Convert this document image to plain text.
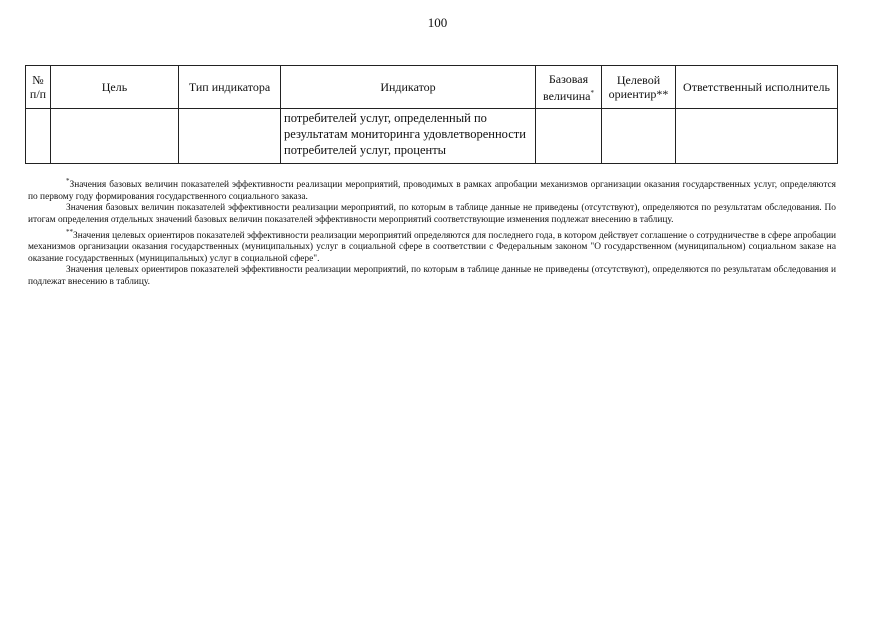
100
№ п/п	Цель	Тип индикатора	Индикатор	Базовая величина*	Целевой ориентир**	Ответственный исполнитель
			потребителей услуг, определенный по результатам мониторинга удовлетворенности потребителей услуг, проценты			

*Значения базовых величин показателей эффективности реализации мероприятий, проводимых в рамках апробации механизмов организации оказания государственных услуг, определяются по первому году формирования государственного социального заказа.

Значения базовых величин показателей эффективности реализации мероприятий, по которым в таблице данные не приведены (отсутствуют), определяются по результатам обследования. По итогам определения отдельных значений базовых величин показателей эффективности мероприятий соответствующие изменения подлежат внесению в таблицу.

**Значения целевых ориентиров показателей эффективности реализации мероприятий определяются для последнего года, в котором действует соглашение о сотрудничестве в сфере апробации механизмов организации оказания государственных (муниципальных) услуг в социальной сфере в соответствии с Федеральным законом "О государственном (муниципальном) социальном заказе на оказание государственных (муниципальных) услуг в социальной сфере".

Значения целевых ориентиров показателей эффективности реализации мероприятий, по которым в таблице данные не приведены (отсутствуют), определяются по результатам обследования и подлежат внесению в таблицу.
